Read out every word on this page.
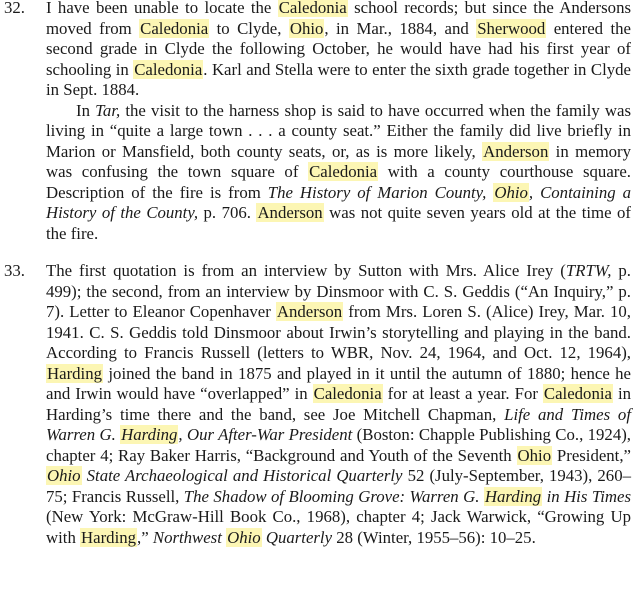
32.	I have been unable to locate the Caledonia school records; but since the Andersons moved from Caledonia to Clyde, Ohio, in Mar., 1884, and Sherwood entered the second grade in Clyde the following October, he would have had his first year of schooling in Caledonia. Karl and Stella were to enter the sixth grade together in Clyde in Sept. 1884.

In Tar, the visit to the harness shop is said to have occurred when the family was living in “quite a large town . . . a county seat.” Either the family did live briefly in Marion or Mansfield, both county seats, or, as is more likely, Anderson in memory was confusing the town square of Caledonia with a county courthouse square. Description of the fire is from The History of Marion County, Ohio, Containing a History of the County, p. 706. Anderson was not quite seven years old at the time of the fire.

33.	The first quotation is from an interview by Sutton with Mrs. Alice Irey (TRTW, p. 499); the second, from an interview by Dinsmoor with C. S. Geddis (“An Inquiry,” p. 7). Letter to Eleanor Copenhaver Anderson from Mrs. Loren S. (Alice) Irey, Mar. 10, 1941. C. S. Geddis told Dinsmoor about Irwin’s storytelling and playing in the band. According to Francis Russell (letters to WBR, Nov. 24, 1964, and Oct. 12, 1964), Harding joined the band in 1875 and played in it until the autumn of 1880; hence he and Irwin would have “overlapped” in Caledonia for at least a year. For Caledonia in Harding’s time there and the band, see Joe Mitchell Chapman, Life and Times of Warren G. Harding, Our After-War President (Boston: Chapple Publishing Co., 1924), chapter 4; Ray Baker Harris, “Background and Youth of the Seventh Ohio President,” Ohio State Archaeological and Historical Quarterly 52 (July-September, 1943), 260–75; Francis Russell, The Shadow of Blooming Grove: Warren G. Harding in His Times (New York: McGraw-Hill Book Co., 1968), chapter 4; Jack Warwick, “Growing Up with Harding,” Northwest Ohio Quarterly 28 (Winter, 1955–56): 10–25.
